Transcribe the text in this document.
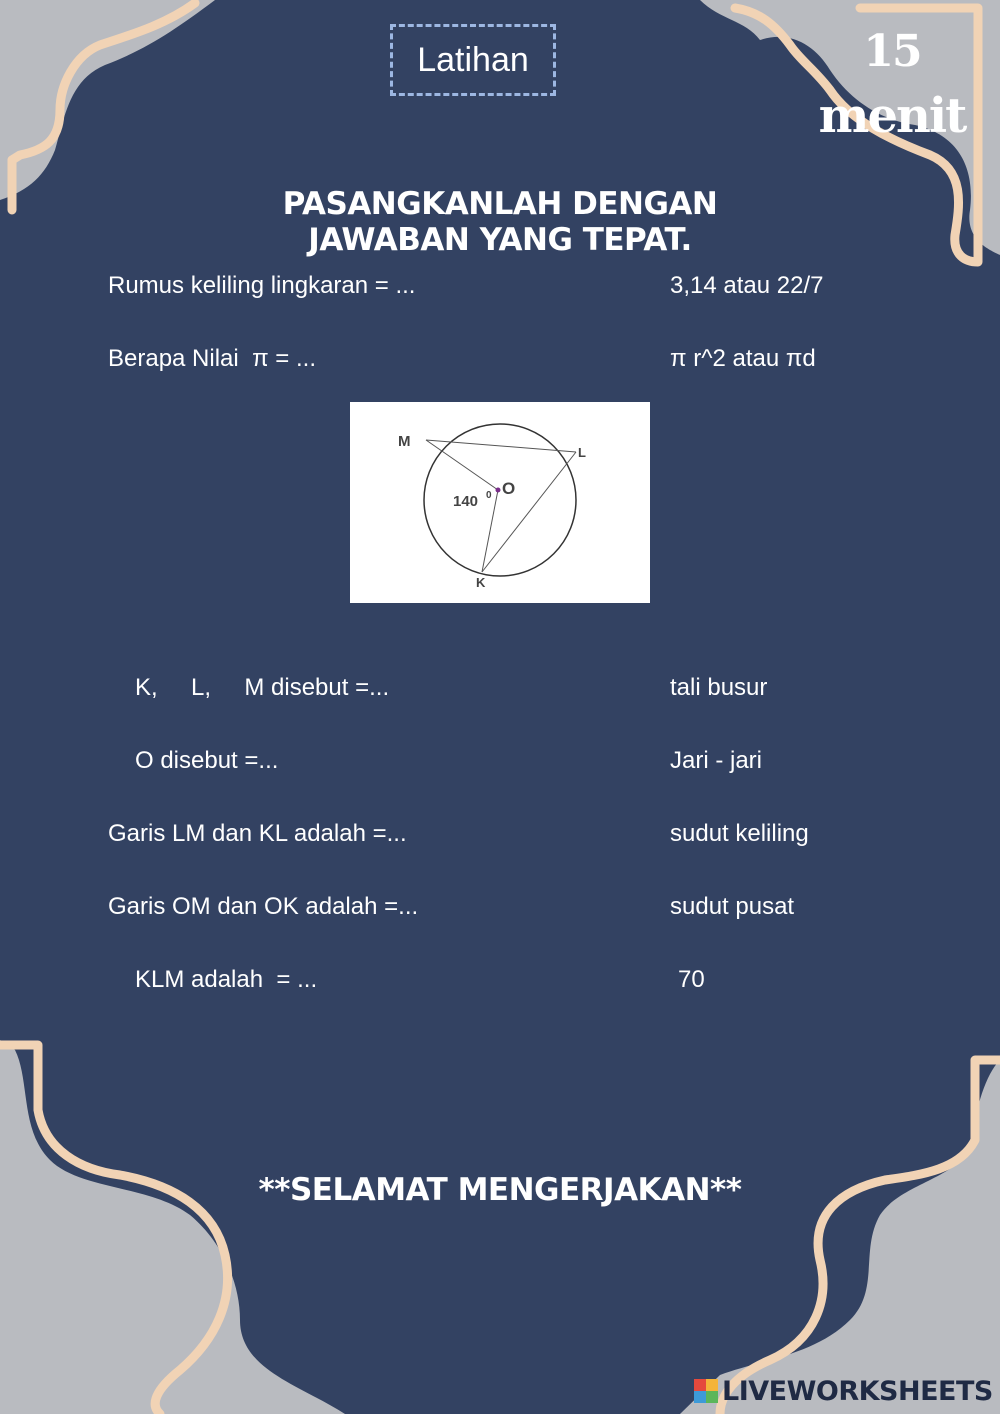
Latihan	15
menit
PASANGKANLAH DENGAN
JAWABAN YANG TEPAT.
Rumus keliling lingkaran = ...	3,14 atau 22/7
Berapa Nilai  π = ...	π r^2 atau πd
M
L
O
K
140 0
K,     L,     M disebut =...	tali busur
O disebut =...	Jari - jari
Garis LM dan KL adalah =...	sudut keliling
Garis OM dan OK adalah =...	sudut pusat
KLM adalah  = ...	70
**SELAMAT MENGERJAKAN**
LIVEWORKSHEETS
